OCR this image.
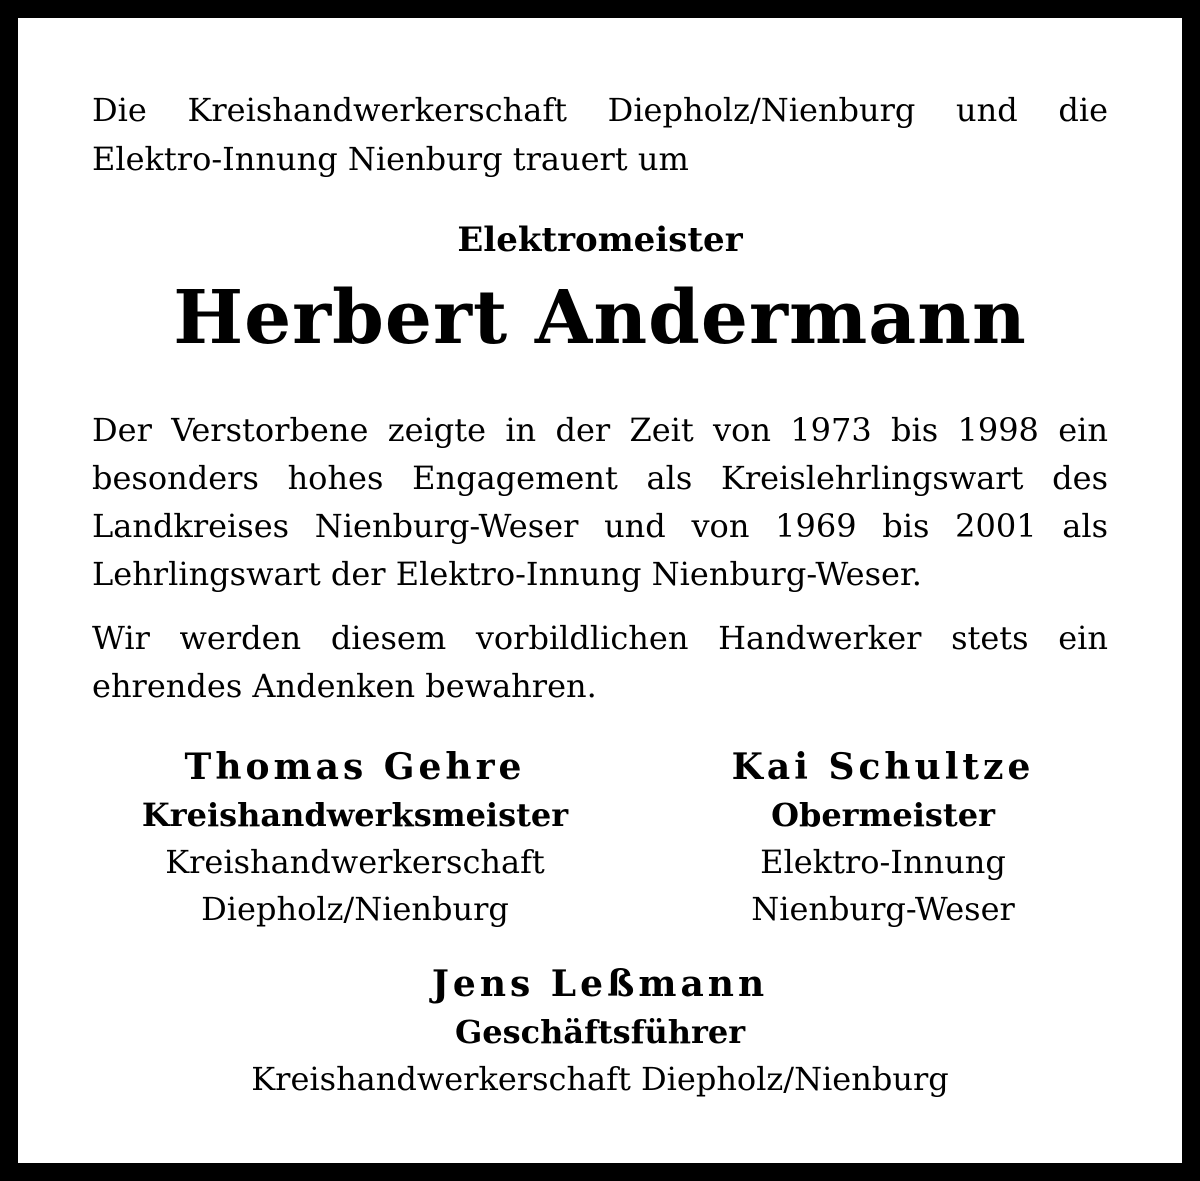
Die Kreishandwerkerschaft Diepholz/Nienburg und die Elektro-Innung Nienburg trauert um

Elektromeister
Herbert Andermann

Der Verstorbene zeigte in der Zeit von 1973 bis 1998 ein besonders hohes Engagement als Kreislehrlingswart des Landkreises Nienburg-Weser und von 1969 bis 2001 als Lehrlingswart der Elektro-Innung Nienburg-Weser.

Wir werden diesem vorbildlichen Handwerker stets ein ehrendes Andenken bewahren.

Thomas Gehre
Kreishandwerksmeister
Kreishandwerkerschaft
Diepholz/Nienburg
Kai Schultze
Obermeister
Elektro-Innung
Nienburg-Weser
Jens Leßmann
Geschäftsführer
Kreishandwerkerschaft Diepholz/Nienburg
